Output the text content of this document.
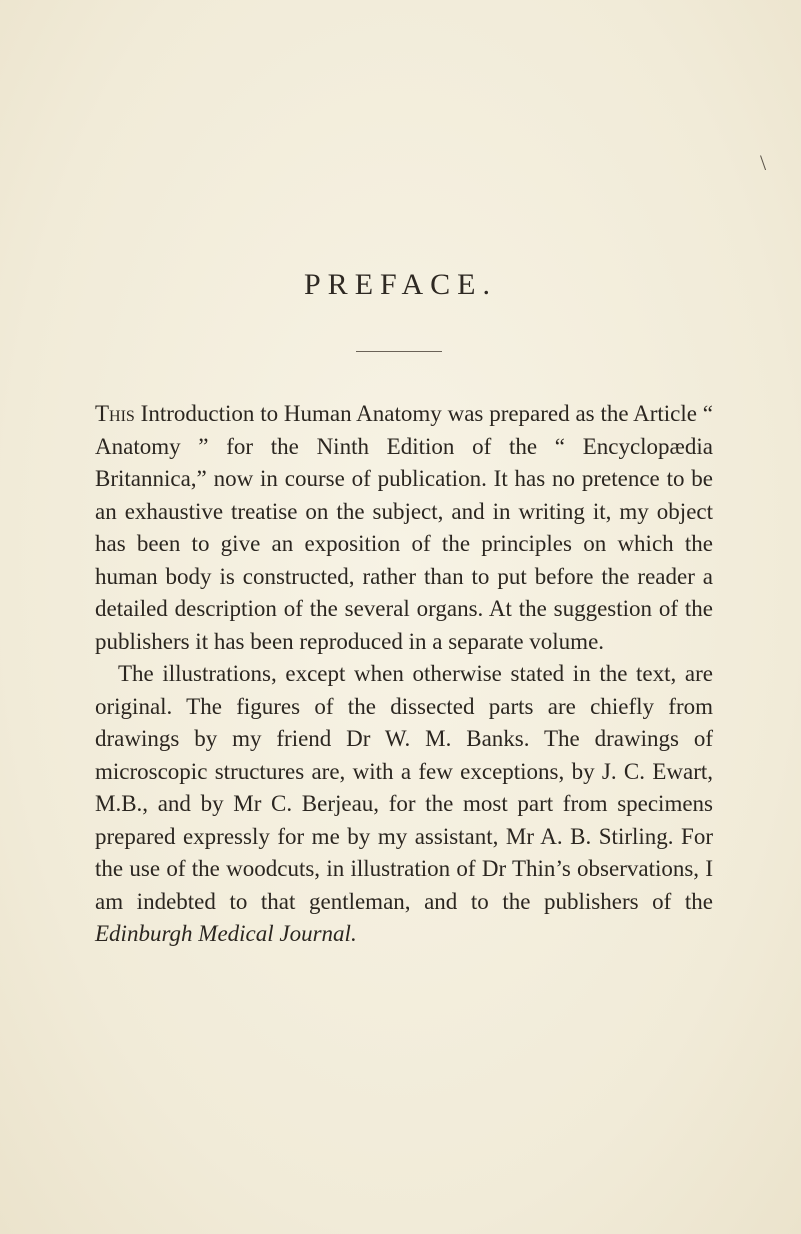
\
PREFACE.

This Introduction to Human Anatomy was prepared as the Article “ Anatomy ” for the Ninth Edition of the “ Encyclopædia Britannica,” now in course of publication. It has no pretence to be an exhaustive treatise on the subject, and in writing it, my object has been to give an exposition of the principles on which the human body is constructed, rather than to put before the reader a detailed description of the several organs. At the suggestion of the publishers it has been reproduced in a separate volume.

The illustrations, except when otherwise stated in the text, are original. The figures of the dissected parts are chiefly from drawings by my friend Dr W. M. Banks. The drawings of microscopic structures are, with a few exceptions, by J. C. Ewart, M.B., and by Mr C. Berjeau, for the most part from specimens prepared expressly for me by my assistant, Mr A. B. Stirling. For the use of the woodcuts, in illustration of Dr Thin’s observations, I am indebted to that gentleman, and to the publishers of the Edinburgh Medical Journal.
